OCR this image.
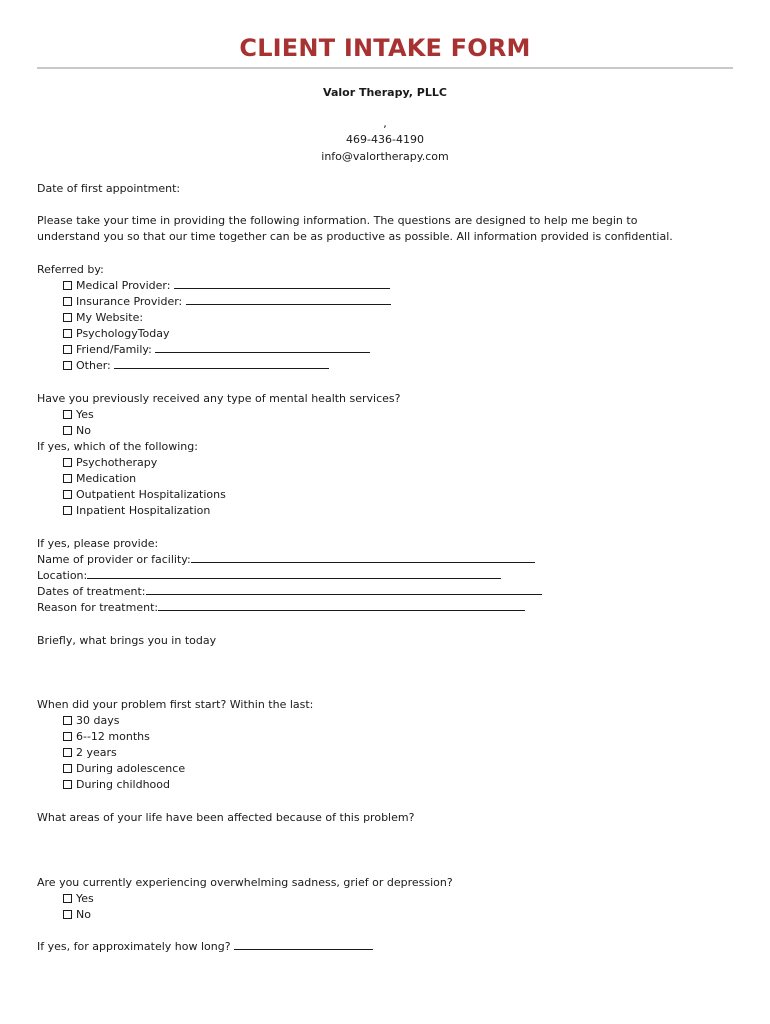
CLIENT INTAKE FORM
Valor Therapy, PLLC
,
469-436-4190
info@valortherapy.com
Date of first appointment:
Please take your time in providing the following information. The questions are designed to help me begin to
understand you so that our time together can be as productive as possible. All information provided is confidential.
Referred by:
Medical Provider:
Insurance Provider:
My Website:
PsychologyToday
Friend/Family:
Other:
Have you previously received any type of mental health services?
Yes
No
If yes, which of the following:
Psychotherapy
Medication
Outpatient Hospitalizations
Inpatient Hospitalization
If yes, please provide:
Name of provider or facility:
Location:
Dates of treatment:
Reason for treatment:
Briefly, what brings you in today
When did your problem first start? Within the last:
30 days
6--12 months
2 years
During adolescence
During childhood
What areas of your life have been affected because of this problem?
Are you currently experiencing overwhelming sadness, grief or depression?
Yes
No
If yes, for approximately how long?
